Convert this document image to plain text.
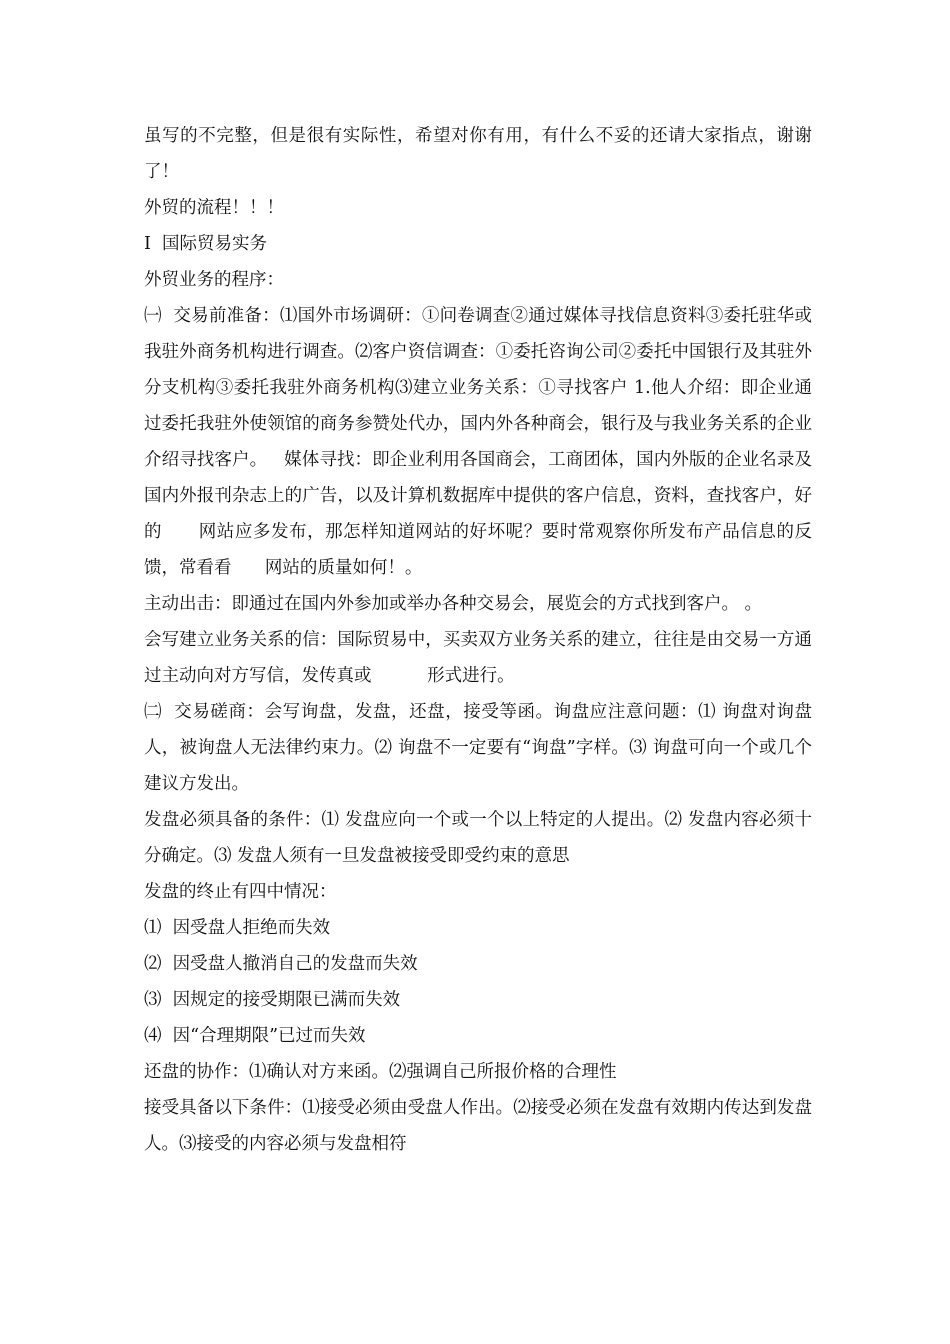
虽写的不完整，但是很有实际性，希望对你有用，有什么不妥的还请大家指点，谢谢了！

外贸的流程！！！

Ⅰ  国际贸易实务

外贸业务的程序：

㈠  交易前准备：⑴国外市场调研：①问卷调查②通过媒体寻找信息资料③委托驻华或我驻外商务机构进行调查。⑵客户资信调查：①委托咨询公司②委托中国银行及其驻外分支机构③委托我驻外商务机构⑶建立业务关系：①寻找客户 1.他人介绍：即企业通过委托我驻外使领馆的商务参赞处代办，国内外各种商会，银行及与我业务关系的企业介绍寻找客户。   媒体寻找：即企业利用各国商会，工商团体，国内外版的企业名录及国内外报刊杂志上的广告，以及计算机数据库中提供的客户信息，资料，查找客户，好的      网站应多发布，那怎样知道网站的好坏呢？要时常观察你所发布产品信息的反馈，常看看      网站的质量如何！。

主动出击：即通过在国内外参加或举办各种交易会，展览会的方式找到客户。 。

会写建立业务关系的信：国际贸易中，买卖双方业务关系的建立，往往是由交易一方通过主动向对方写信，发传真或          形式进行。

㈡  交易磋商：会写询盘，发盘，还盘，接受等函。询盘应注意问题：⑴ 询盘对询盘人，被询盘人无法律约束力。⑵ 询盘不一定要有“询盘”字样。⑶ 询盘可向一个或几个建议方发出。

发盘必须具备的条件：⑴ 发盘应向一个或一个以上特定的人提出。⑵ 发盘内容必须十分确定。⑶ 发盘人须有一旦发盘被接受即受约束的意思

发盘的终止有四中情况：

⑴  因受盘人拒绝而失效

⑵  因受盘人撤消自己的发盘而失效

⑶  因规定的接受期限已满而失效

⑷  因“合理期限”已过而失效

还盘的协作：⑴确认对方来函。⑵强调自己所报价格的合理性

接受具备以下条件：⑴接受必须由受盘人作出。⑵接受必须在发盘有效期内传达到发盘人。⑶接受的内容必须与发盘相符
